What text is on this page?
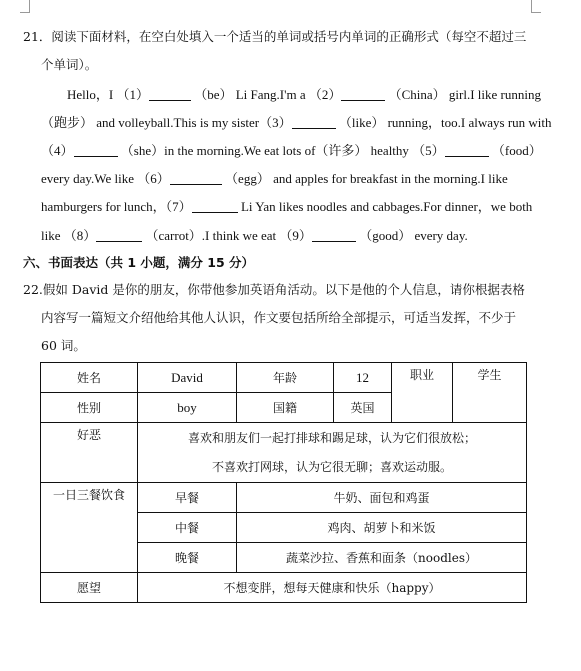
21．阅读下面材料，在空白处填入一个适当的单词或括号内单词的正确形式（每空不超过三
个单词）。
Hello，I （1）	（be） Li Fang.I'm a （2）	（China） girl.I like running
（跑步） and volleyball.This is my sister（3）	（like） running，too.I always run with
（4）	（she）in the morning.We eat lots of（许多） healthy （5）	（food）
every day.We like （6）	（egg） and apples for breakfast in the morning.I like
hamburgers for lunch，（7）	Li Yan likes noodles and cabbages.For dinner，we both
like （8）	（carrot）.I think we eat （9）	（good） every day.
六、书面表达（共 1 小题，满分 15 分）
22.假如 David 是你的朋友，你带他参加英语角活动。以下是他的个人信息，请你根据表格
内容写一篇短文介绍他给其他人认识，作文要包括所给全部提示，可适当发挥，不少于
60 词。
姓名	David	年龄	12	职业	学生
性别	boy	国籍	英国		
好恶	喜欢和朋友们一起打排球和踢足球，认为它们很放松；
不喜欢打网球，认为它很无聊；喜欢运动服。				

一日三餐饮食	早餐	牛奶、面包和鸡蛋			
	中餐	鸡肉、胡萝卜和米饭			
	晚餐	蔬菜沙拉、香蕉和面条（noodles）			
愿望	不想变胖，想每天健康和快乐（happy）				
